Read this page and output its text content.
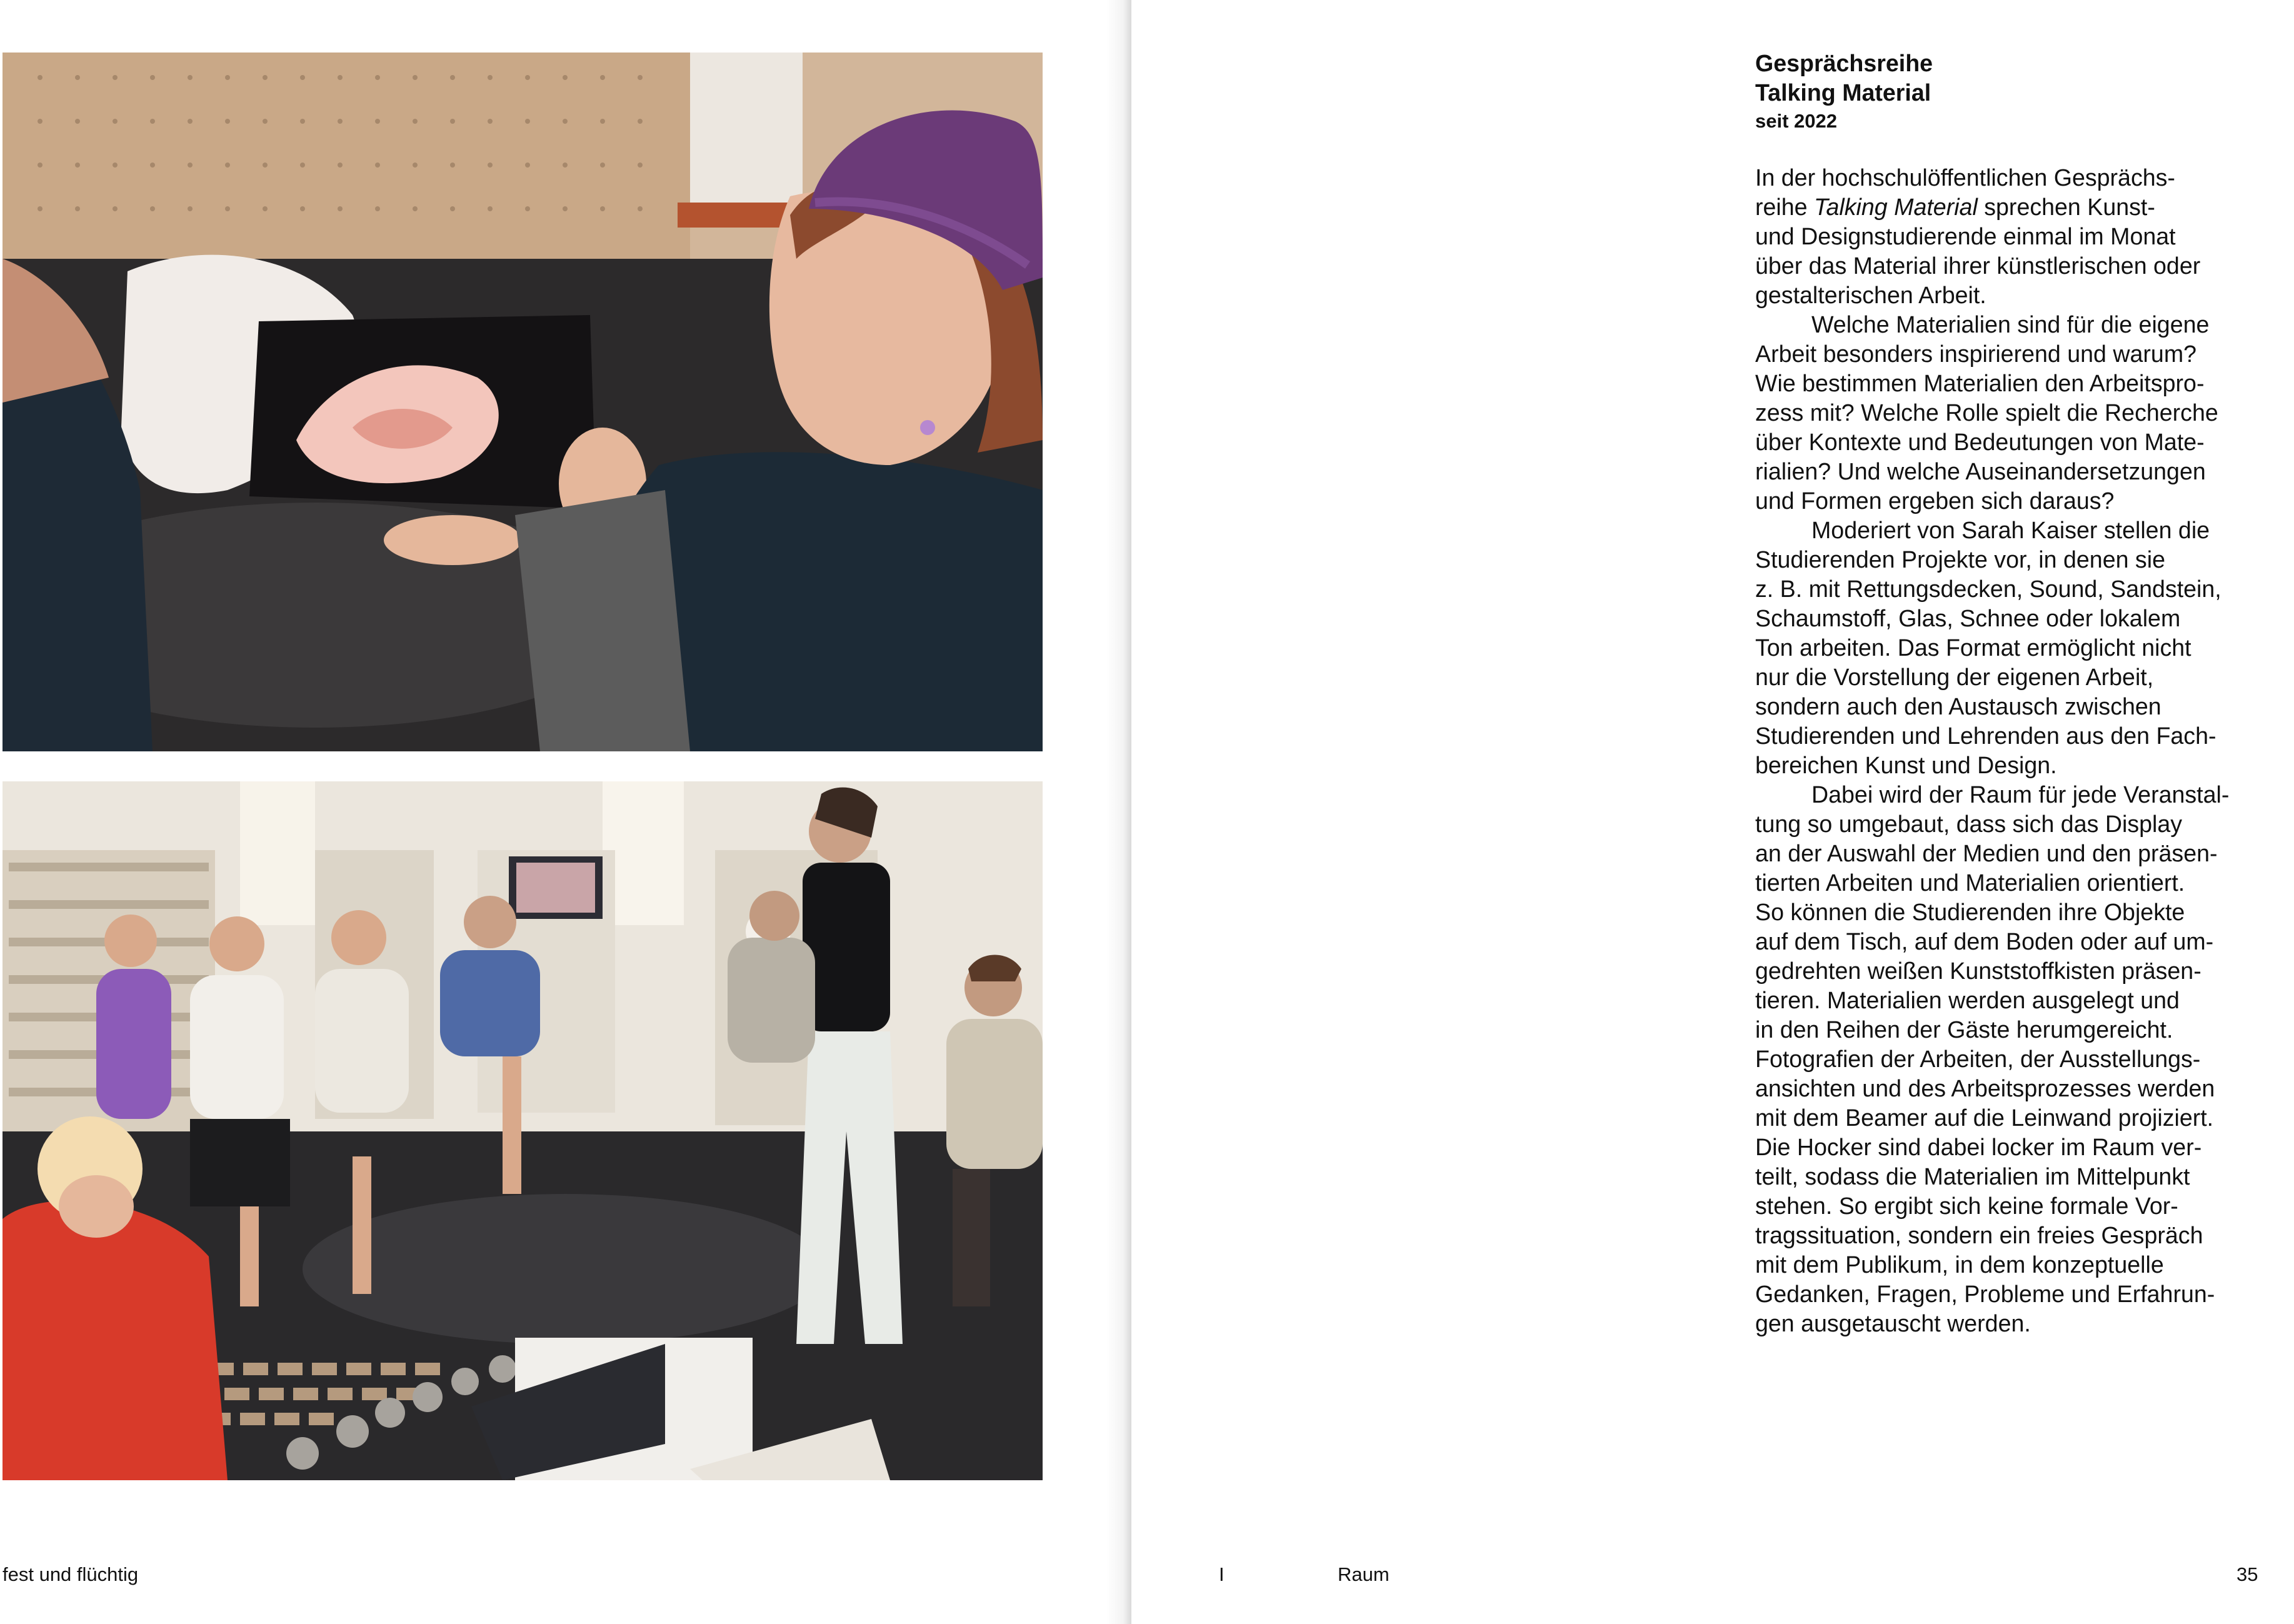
Gesprächsreihe

Talking Material

seit 2022

In der hochschulöffentlichen Gesprächs-

reihe Talking Material sprechen Kunst-

und Designstudierende einmal im Monat

über das Material ihrer künstlerischen oder

gestalterischen Arbeit.

Welche Materialien sind für die eigene

Arbeit besonders inspirierend und warum?

Wie bestimmen Materialien den Arbeitspro-

zess mit? Welche Rolle spielt die Recherche

über Kontexte und Bedeutungen von Mate-

rialien? Und welche Auseinandersetzungen

und Formen ergeben sich daraus?

Moderiert von Sarah Kaiser stellen die

Studierenden Projekte vor, in denen sie

z. B. mit Rettungsdecken, Sound, Sandstein,

Schaumstoff, Glas, Schnee oder lokalem

Ton arbeiten. Das Format ermöglicht nicht

nur die Vorstellung der eigenen Arbeit,

sondern auch den Austausch zwischen

Studierenden und Lehrenden aus den Fach-

bereichen Kunst und Design.

Dabei wird der Raum für jede Veranstal-

tung so umgebaut, dass sich das Display

an der Auswahl der Medien und den präsen-

tierten Arbeiten und Materialien orientiert.

So können die Studierenden ihre Objekte

auf dem Tisch, auf dem Boden oder auf um-

gedrehten weißen Kunststoffkisten präsen-

tieren. Materialien werden ausgelegt und

in den Reihen der Gäste herumgereicht.

Fotografien der Arbeiten, der Ausstellungs-

ansichten und des Arbeitsprozesses werden

mit dem Beamer auf die Leinwand projiziert.

Die Hocker sind dabei locker im Raum ver-

teilt, sodass die Materialien im Mittelpunkt

stehen. So ergibt sich keine formale Vor-

tragssituation, sondern ein freies Gespräch

mit dem Publikum, in dem konzeptuelle

Gedanken, Fragen, Probleme und Erfahrun-

gen ausgetauscht werden.

fest und flüchtig	I	Raum	35
